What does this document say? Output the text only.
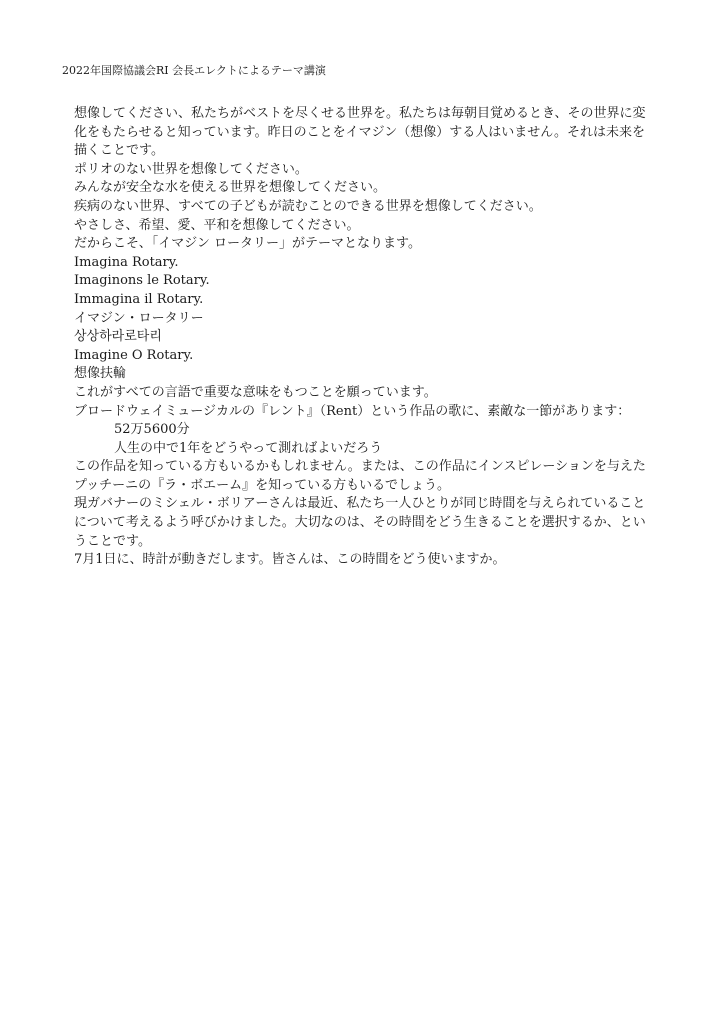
2022年国際協議会RI 会長エレクトによるテーマ講演

想像してください、私たちがベストを尽くせる世界を。私たちは毎朝目覚めるとき、その世界に変化をもたらせると知っています。昨日のことをイマジン（想像）する人はいません。それは未来を描くことです。

ポリオのない世界を想像してください。

みんなが安全な水を使える世界を想像してください。

疾病のない世界、すべての子どもが読むことのできる世界を想像してください。

やさしさ、希望、愛、平和を想像してください。

だからこそ、「イマジン ロータリー」がテーマとなります。

Imagina Rotary.

Imaginons le Rotary.

Immagina il Rotary.

イマジン・ロータリー

상상하라로타리

Imagine O Rotary.

想像扶輪

これがすべての言語で重要な意味をもつことを願っています。

ブロードウェイミュージカルの『レント』（Rent）という作品の歌に、素敵な一節があります：

52万5600分

人生の中で1年をどうやって測ればよいだろう

この作品を知っている方もいるかもしれません。または、この作品にインスピレーションを与えたプッチーニの『ラ・ボエーム』を知っている方もいるでしょう。

現ガバナーのミシェル・ボリアーさんは最近、私たち一人ひとりが同じ時間を与えられていることについて考えるよう呼びかけました。大切なのは、その時間をどう生きることを選択するか、ということです。

7月1日に、時計が動きだします。皆さんは、この時間をどう使いますか。
